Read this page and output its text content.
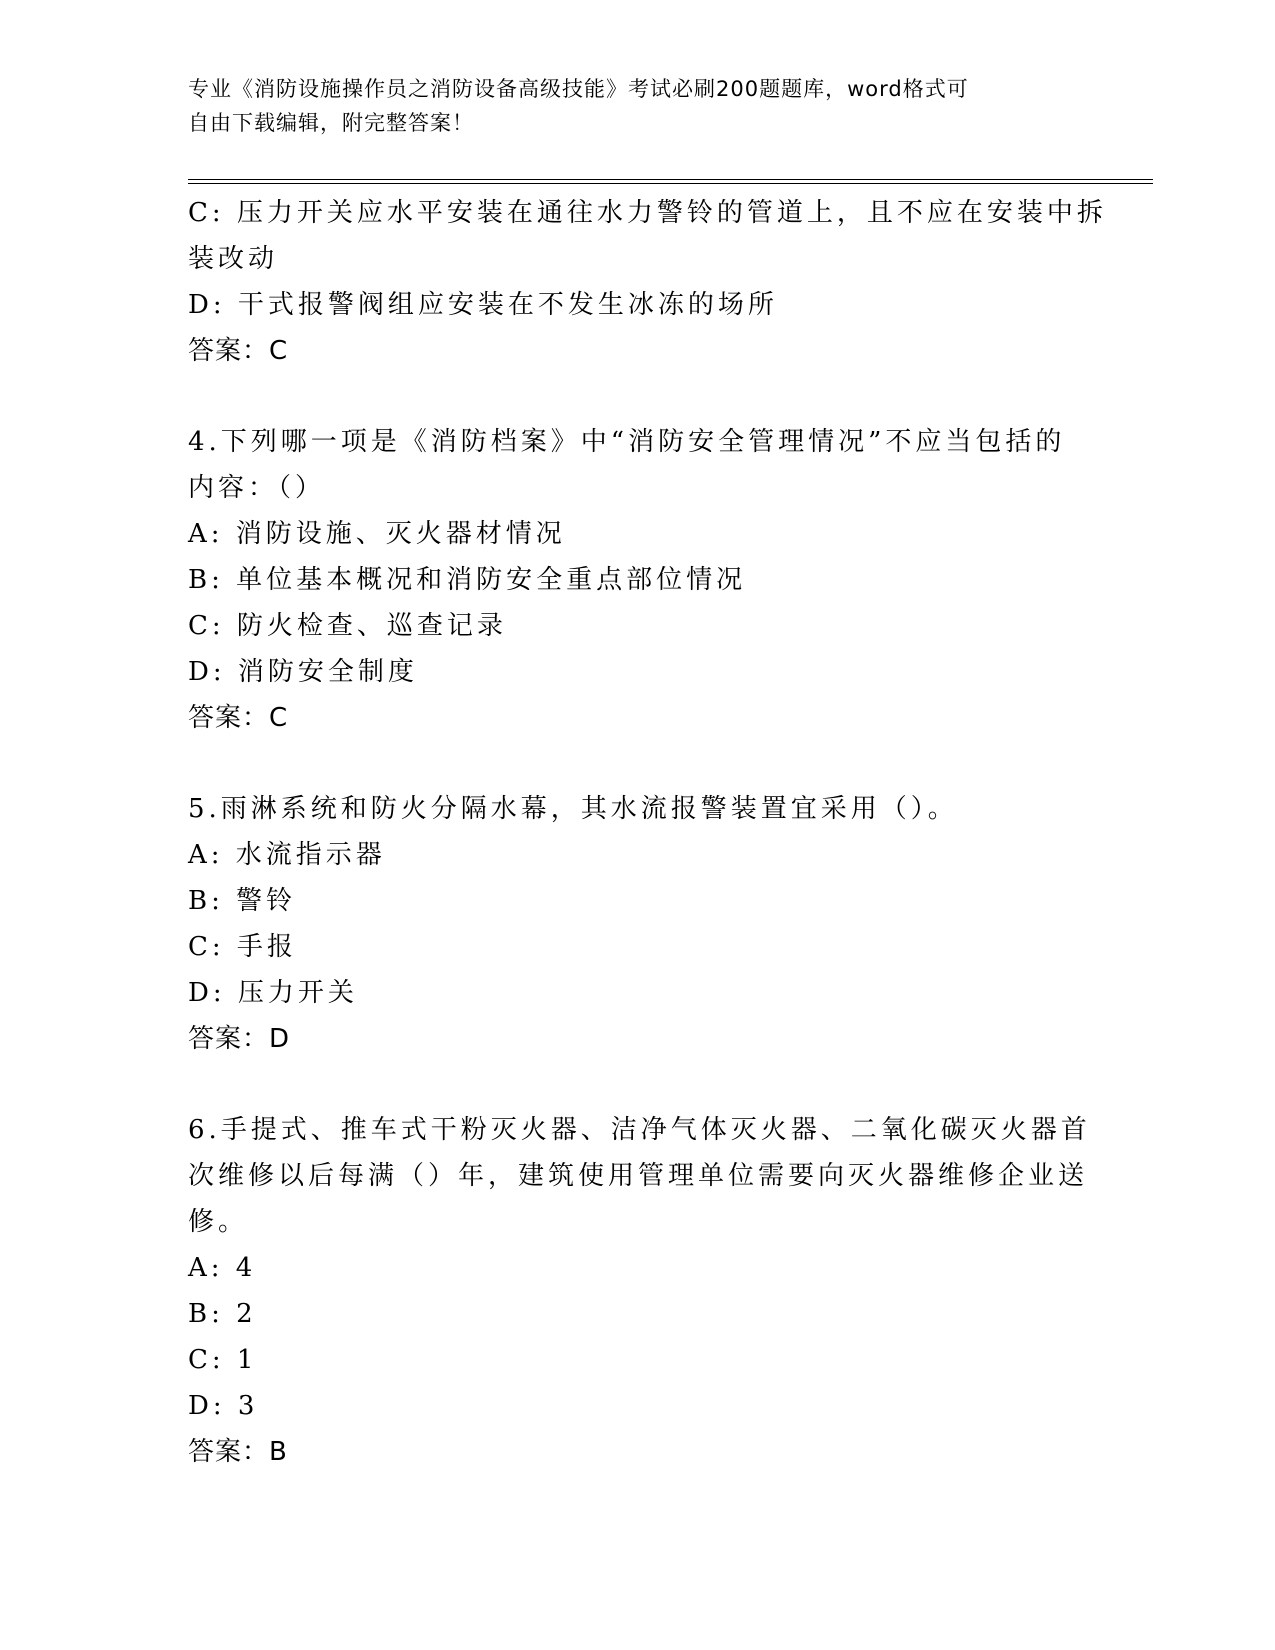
专业《消防设施操作员之消防设备高级技能》考试必刷200题题库，word格式可
自由下载编辑，附完整答案！
C: 压力开关应水平安装在通往水力警铃的管道上，且不应在安装中拆
装改动
D: 干式报警阀组应安装在不发生冰冻的场所
答案：C
4.下列哪一项是《消防档案》中“消防安全管理情况”不应当包括的
内容：（）
A: 消防设施、灭火器材情况
B: 单位基本概况和消防安全重点部位情况
C: 防火检查、巡查记录
D: 消防安全制度
答案：C
5.雨淋系统和防火分隔水幕，其水流报警装置宜采用（）。
A: 水流指示器
B: 警铃
C: 手报
D: 压力开关
答案：D
6.手提式、推车式干粉灭火器、洁净气体灭火器、二氧化碳灭火器首
次维修以后每满（）年，建筑使用管理单位需要向灭火器维修企业送
修。
A: 4
B: 2
C: 1
D: 3
答案：B
